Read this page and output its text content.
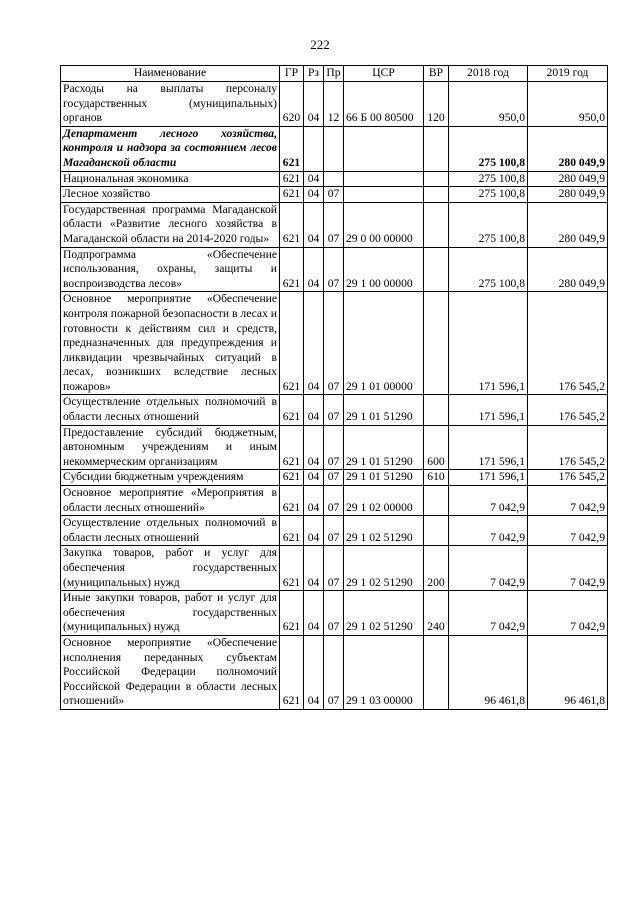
222
Наименование	ГР	Рз	Пр	ЦСР	ВР	2018 год	2019 год
Расходы на выплаты персоналу государственных (муниципальных) органов	620	04	12	66 Б 00 80500	120	950,0	950,0
Департамент лесного хозяйства, контроля и надзора за состоянием лесов Магаданской области	621					275 100,8	280 049,9
Национальная экономика	621	04				275 100,8	280 049,9
Лесное хозяйство	621	04	07			275 100,8	280 049,9
Государственная программа Магаданской области «Развитие лесного хозяйства в Магаданской области на 2014-2020 годы»	621	04	07	29 0 00 00000		275 100,8	280 049,9
Подпрограмма «Обеспечение использования, охраны, защиты и воспроизводства лесов»	621	04	07	29 1 00 00000		275 100,8	280 049,9
Основное мероприятие «Обеспечение контроля пожарной безопасности в лесах и готовности к действиям сил и средств, предназначенных для предупреждения и ликвидации чрезвычайных ситуаций в лесах, возникших вследствие лесных пожаров»	621	04	07	29 1 01 00000		171 596,1	176 545,2
Осуществление отдельных полномочий в области лесных отношений	621	04	07	29 1 01 51290		171 596,1	176 545,2
Предоставление субсидий бюджетным, автономным учреждениям и иным некоммерческим организациям	621	04	07	29 1 01 51290	600	171 596,1	176 545,2
Субсидии бюджетным учреждениям	621	04	07	29 1 01 51290	610	171 596,1	176 545,2
Основное мероприятие «Мероприятия в области лесных отношений»	621	04	07	29 1 02 00000		7 042,9	7 042,9
Осуществление отдельных полномочий в области лесных отношений	621	04	07	29 1 02 51290		7 042,9	7 042,9
Закупка товаров, работ и услуг для обеспечения государственных (муниципальных) нужд	621	04	07	29 1 02 51290	200	7 042,9	7 042,9
Иные закупки товаров, работ и услуг для обеспечения государственных (муниципальных) нужд	621	04	07	29 1 02 51290	240	7 042,9	7 042,9
Основное мероприятие «Обеспечение исполнения переданных субъектам Российской Федерации полномочий Российской Федерации в области лесных отношений»	621	04	07	29 1 03 00000		96 461,8	96 461,8
